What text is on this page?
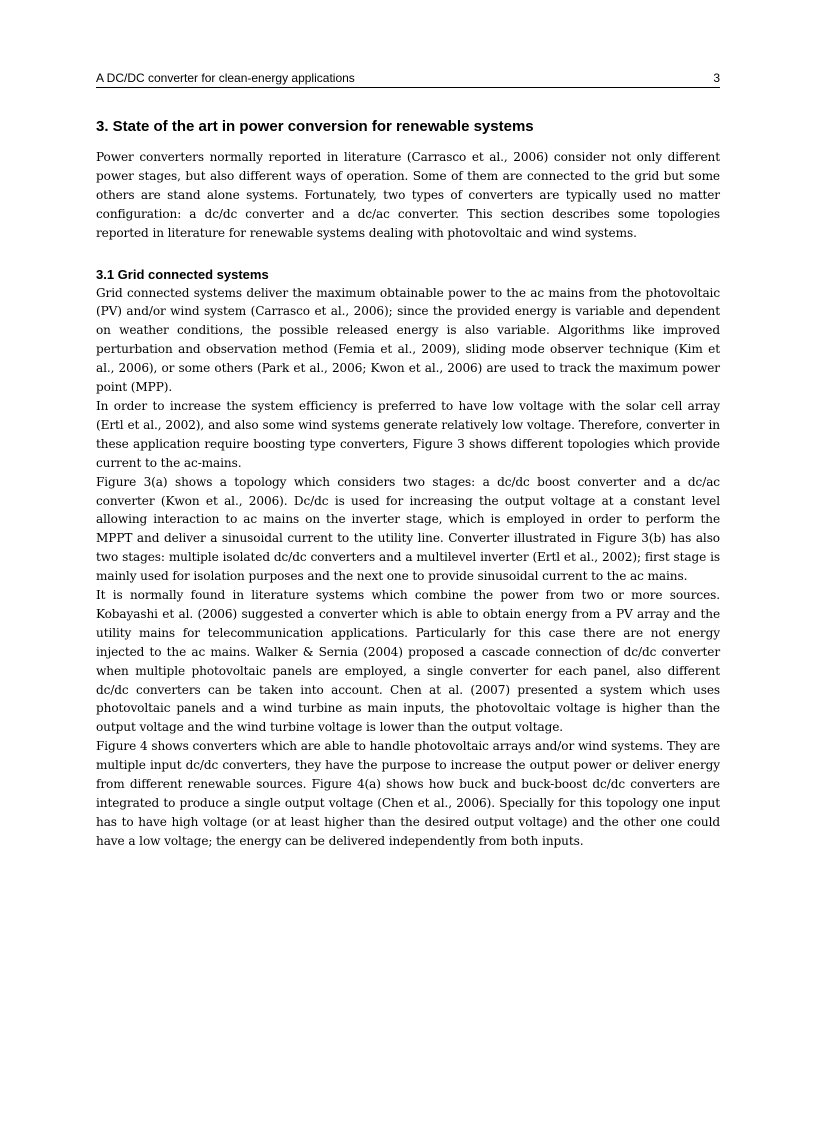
A DC/DC converter for clean-energy applications	3
3. State of the art in power conversion for renewable systems

Power converters normally reported in literature (Carrasco et al., 2006) consider not only different power stages, but also different ways of operation. Some of them are connected to the grid but some others are stand alone systems. Fortunately, two types of converters are typically used no matter configuration: a dc/dc converter and a dc/ac converter. This section describes some topologies reported in literature for renewable systems dealing with photovoltaic and wind systems.

3.1 Grid connected systems

Grid connected systems deliver the maximum obtainable power to the ac mains from the photovoltaic (PV) and/or wind system (Carrasco et al., 2006); since the provided energy is variable and dependent on weather conditions, the possible released energy is also variable. Algorithms like improved perturbation and observation method (Femia et al., 2009), sliding mode observer technique (Kim et al., 2006), or some others (Park et al., 2006; Kwon et al., 2006) are used to track the maximum power point (MPP).

In order to increase the system efficiency is preferred to have low voltage with the solar cell array (Ertl et al., 2002), and also some wind systems generate relatively low voltage. Therefore, converter in these application require boosting type converters, Figure 3 shows different topologies which provide current to the ac-mains.

Figure 3(a) shows a topology which considers two stages: a dc/dc boost converter and a dc/ac converter (Kwon et al., 2006). Dc/dc is used for increasing the output voltage at a constant level allowing interaction to ac mains on the inverter stage, which is employed in order to perform the MPPT and deliver a sinusoidal current to the utility line. Converter illustrated in Figure 3(b) has also two stages: multiple isolated dc/dc converters and a multilevel inverter (Ertl et al., 2002); first stage is mainly used for isolation purposes and the next one to provide sinusoidal current to the ac mains.

It is normally found in literature systems which combine the power from two or more sources. Kobayashi et al. (2006) suggested a converter which is able to obtain energy from a PV array and the utility mains for telecommunication applications. Particularly for this case there are not energy injected to the ac mains. Walker & Sernia (2004) proposed a cascade connection of dc/dc converter when multiple photovoltaic panels are employed, a single converter for each panel, also different dc/dc converters can be taken into account. Chen at al. (2007) presented a system which uses photovoltaic panels and a wind turbine as main inputs, the photovoltaic voltage is higher than the output voltage and the wind turbine voltage is lower than the output voltage.

Figure 4 shows converters which are able to handle photovoltaic arrays and/or wind systems. They are multiple input dc/dc converters, they have the purpose to increase the output power or deliver energy from different renewable sources. Figure 4(a) shows how buck and buck-boost dc/dc converters are integrated to produce a single output voltage (Chen et al., 2006). Specially for this topology one input has to have high voltage (or at least higher than the desired output voltage) and the other one could have a low voltage; the energy can be delivered independently from both inputs.
